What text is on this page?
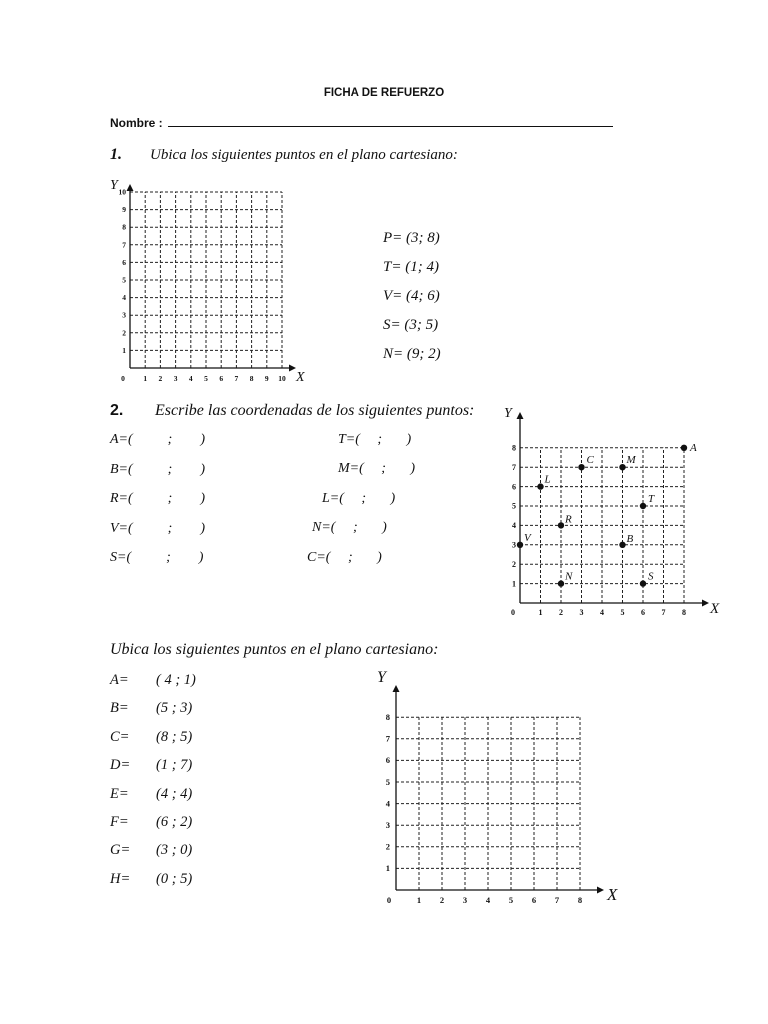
FICHA DE REFUERZO
Nombre :
1. Ubica los siguientes puntos en el plano cartesiano:
0 1 2 3 4 5 6 7 8 9 10
1
2
3
4
5
6
7
8
9
10
Y
X
P= (3; 8)
T= (1; 4)
V= (4; 6)
S= (3; 5)
N= (9; 2)
2. Escribe las coordenadas de los siguientes puntos:
A=(          ;        )
B=(          ;        )
R=(          ;        )
V=(          ;        )
S=(          ;        )
T=(     ;       )
M=(     ;       )
L=(     ;       )
N=(     ;       )
C=(     ;       )
0	1 2 3 4 5 6 7 8
1
2
3
4
5
6
7
8	A
C	M
L
T
R
B
V
N	S
Y
X
Ubica los siguientes puntos en el plano cartesiano:
A= ( 4 ; 1)
B= (5 ; 3)
C= (8 ; 5)
D= (1 ; 7)
E= (4 ; 4)
F= (6 ; 2)
G= (3 ; 0)
H= (0 ; 5)
0	1 2 3 4 5 6 7 8
1
2
3
4
5
6
7
8
Y
X
